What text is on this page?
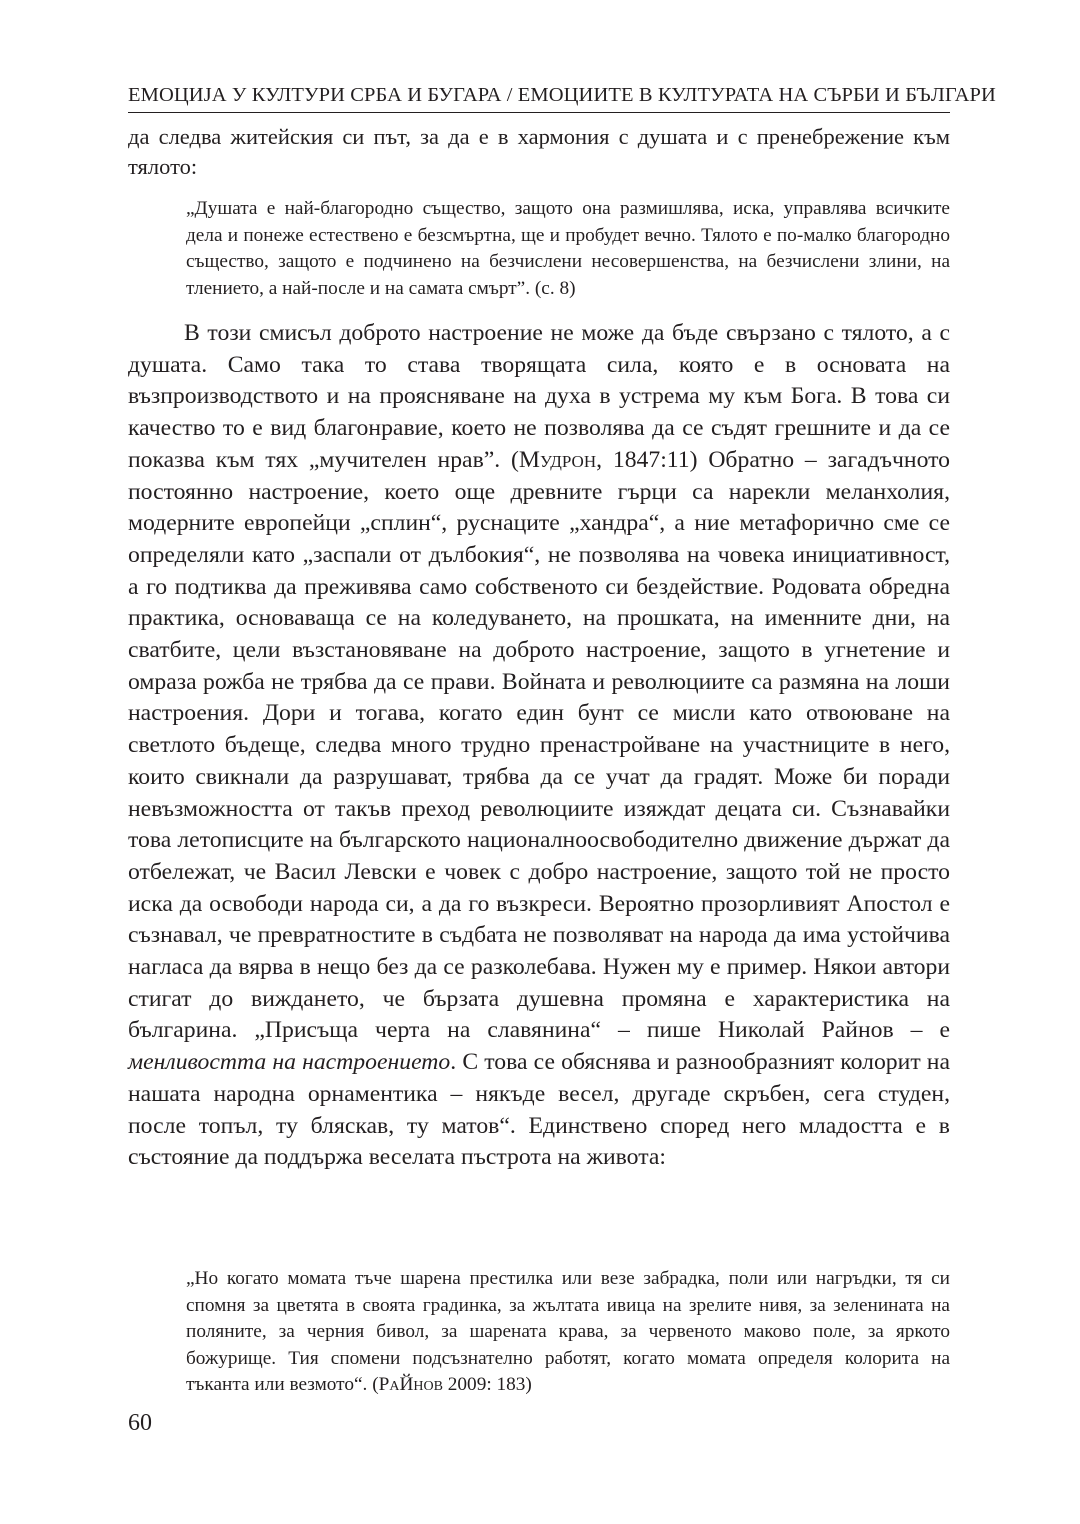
ЕМОЦИЈА У КУЛТУРИ СРБА И БУГАРА / ЕМОЦИИТЕ В КУЛТУРАТА НА СЪРБИ И БЪЛГАРИ

да следва житейския си път, за да е в хармония с душата и с пренебрежение към тялото:

„Душата е най-благородно същество, защото она размишлява, иска, управлява всичките дела и понеже естествено е безсмъртна, ще и пробудет вечно. Тялото е по-малко благородно същество, защото е подчинено на безчислени несовершенства, на безчислени злини, на тлението, а най-после и на самата смърт”. (с. 8)

В този смисъл доброто настроение не може да бъде свързано с тялото, а с душата. Само така то става творящата сила, която е в основата на възпроизводството и на проясняване на духа в устрема му към Бога. В това си качество то е вид благонравие, което не позволява да се съдят грешните и да се показва към тях „мучителен нрав”. (Мудрон, 1847:11) Обратно – загадъчното постоянно настроение, което още древните гърци са нарекли меланхолия, модерните европейци „сплин“, руснаците „хандра“, а ние метафорично сме се определяли като „заспали от дълбокия“, не позволява на човека инициативност, а го подтиква да преживява само собственото си бездействие. Родовата обредна практика, основаваща се на коледуването, на прошката, на именните дни, на сватбите, цели възстановяване на доброто настроение, защото в угнетение и омраза рожба не трябва да се прави. Войната и революциите са размяна на лоши настроения. Дори и тогава, когато един бунт се мисли като отвоюване на светлото бъдеще, следва много трудно пренастройване на участниците в него, които свикнали да разрушават, трябва да се учат да градят. Може би поради невъзможността от такъв преход революциите изяждат децата си. Съзнавайки това летописците на българското националноосвободително движение държат да отбележат, че Васил Левски е човек с добро настроение, защото той не просто иска да освободи народа си, а да го възкреси. Вероятно прозорливият Апостол е съзнавал, че превратностите в съдбата не позволяват на народа да има устойчива нагласа да вярва в нещо без да се разколебава. Нужен му е пример. Някои автори стигат до виждането, че бързата душевна промяна е характеристика на българина. „Присъща черта на славянина“ – пише Николай Райнов – е менливостта на настроението. С това се обяснява и разнообразният колорит на нашата народна орнаментика – някъде весел, другаде скръбен, сега студен, после топъл, ту бляскав, ту матов“. Единствено според него младостта е в състояние да поддържа веселата пъстрота на живота:

„Но когато момата тъче шарена престилка или везе забрадка, поли или нагръдки, тя си спомня за цветята в своята градинка, за жълтата ивица на зрелите нивя, за зеленината на поляните, за черния бивол, за шарената крава, за червеното маково поле, за яркото божурище. Тия спомени подсъзнателно работят, когато момата определя колорита на тъканта или везмото“. (РаЙнов 2009: 183)

60
